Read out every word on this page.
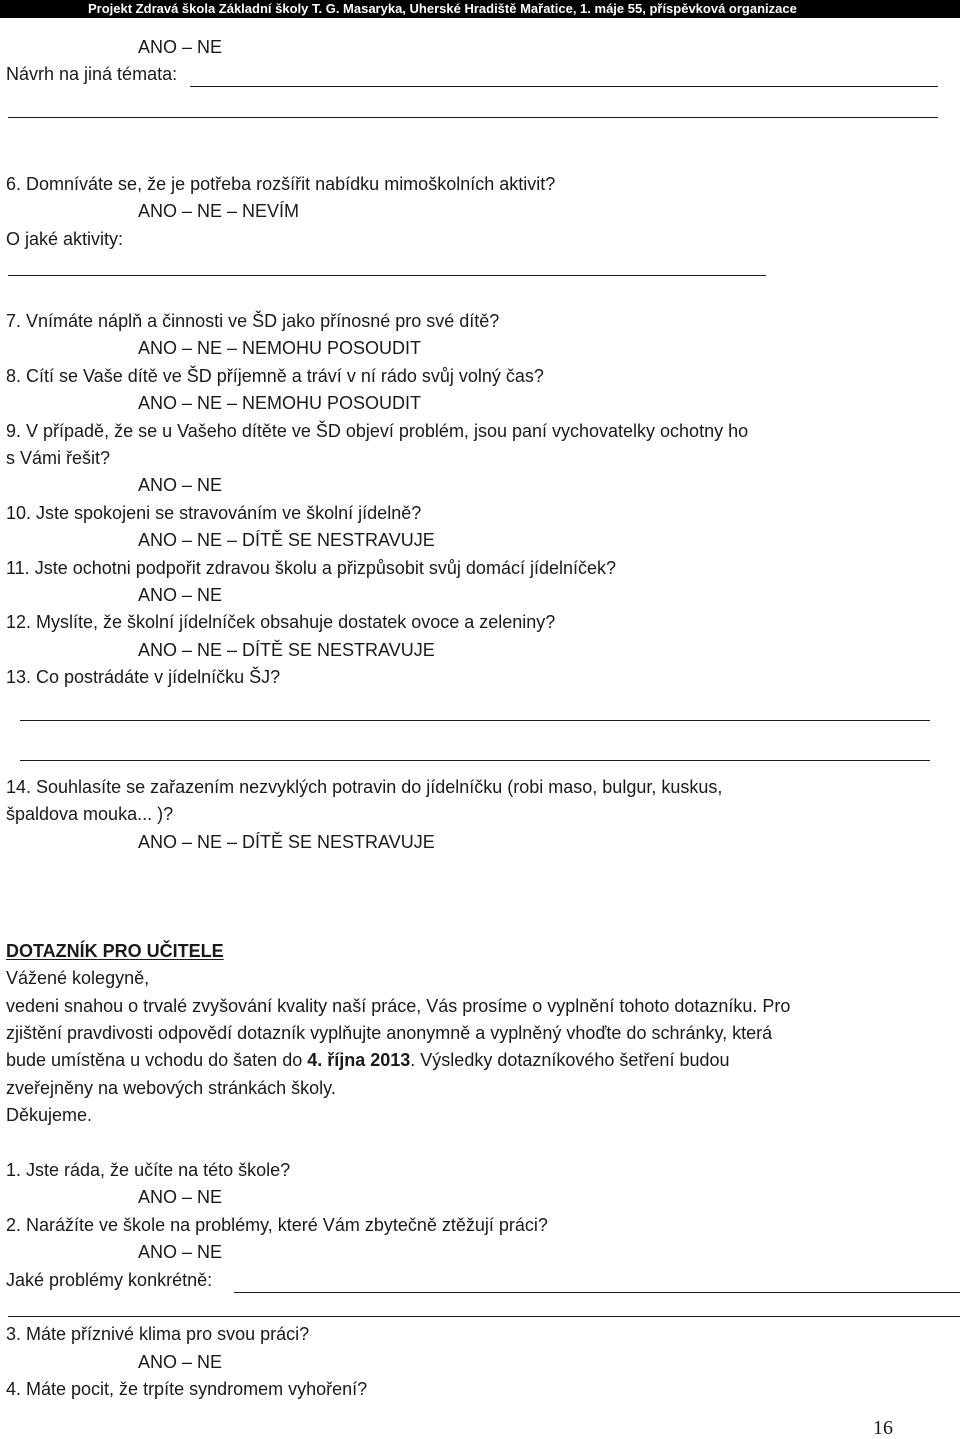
Projekt Zdravá škola Základní školy T. G. Masaryka, Uherské Hradiště Mařatice, 1. máje 55, příspěvková organizace
ANO – NE
Návrh na jiná témata:
6. Domníváte se, že je potřeba rozšířit nabídku mimoškolních aktivit?
ANO – NE – NEVÍM
O jaké aktivity:
7. Vnímáte náplň a činnosti ve ŠD jako přínosné pro své dítě?
ANO – NE – NEMOHU POSOUDIT
8. Cítí se Vaše dítě ve ŠD příjemně a tráví v ní rádo svůj volný čas?
ANO – NE – NEMOHU POSOUDIT
9. V případě, že se u Vašeho dítěte ve ŠD objeví problém, jsou paní vychovatelky ochotny ho
s Vámi řešit?
ANO – NE
10. Jste spokojeni se stravováním ve školní jídelně?
ANO – NE – DÍTĚ SE NESTRAVUJE
11. Jste ochotni podpořit zdravou školu a přizpůsobit svůj domácí jídelníček?
ANO – NE
12. Myslíte, že školní jídelníček obsahuje dostatek ovoce a zeleniny?
ANO – NE – DÍTĚ SE NESTRAVUJE
13. Co postrádáte v jídelníčku ŠJ?
14. Souhlasíte se zařazením nezvyklých potravin do jídelníčku (robi maso, bulgur, kuskus,
špaldova mouka... )?
ANO – NE – DÍTĚ SE NESTRAVUJE
DOTAZNÍK PRO UČITELE
Vážené kolegyně,
vedeni snahou o trvalé zvyšování kvality naší práce, Vás prosíme o vyplnění tohoto dotazníku. Pro
zjištění pravdivosti odpovědí dotazník vyplňujte anonymně a vyplněný vhoďte do schránky, která
bude umístěna u vchodu do šaten do 4. října 2013. Výsledky dotazníkového šetření budou
zveřejněny na webových stránkách školy.
Děkujeme.
1. Jste ráda, že učíte na této škole?
ANO – NE
2. Narážíte ve škole na problémy, které Vám zbytečně ztěžují práci?
ANO – NE
Jaké problémy konkrétně:
3. Máte příznivé klima pro svou práci?
ANO – NE
4. Máte pocit, že trpíte syndromem vyhoření?
16
